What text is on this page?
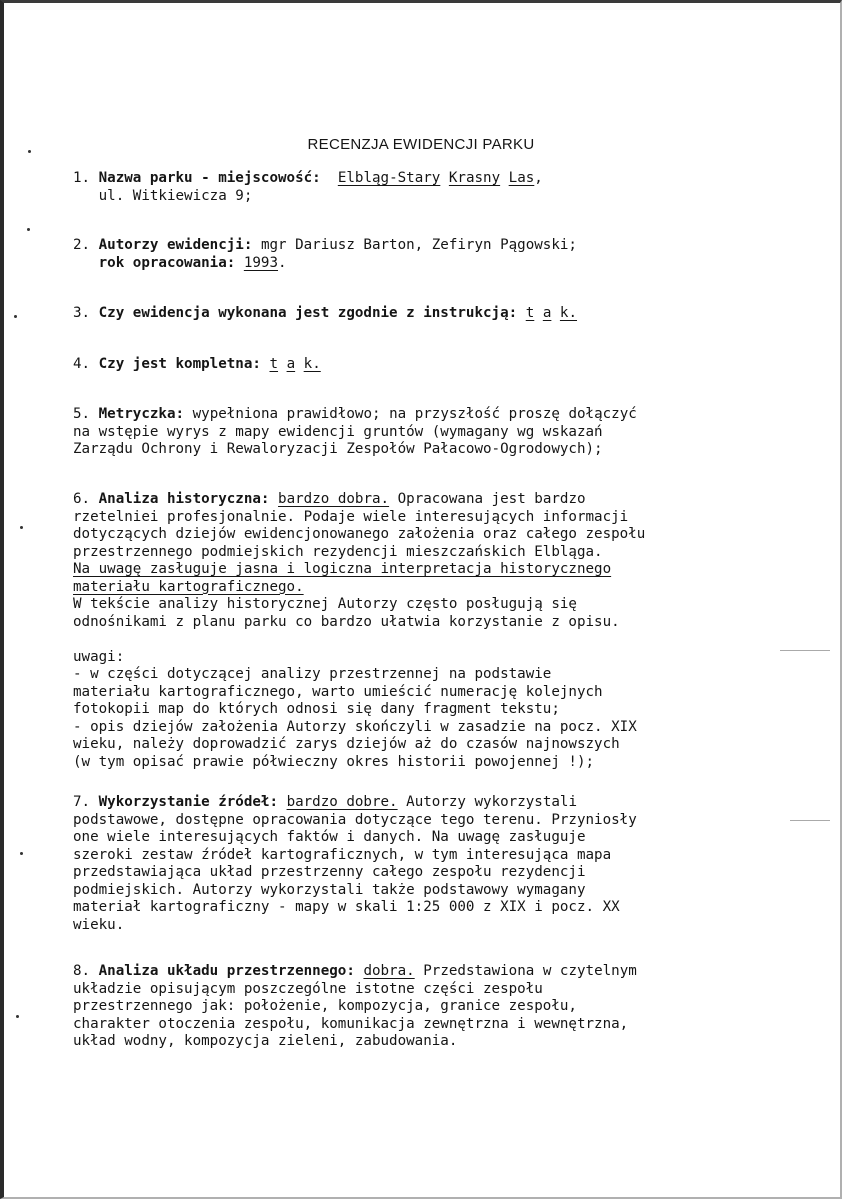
RECENZJA EWIDENCJI PARKU
1. Nazwa parku - miejscowość: Elbląg-Stary Krasny Las,
ul. Witkiewicza 9;
2. Autorzy ewidencji: mgr Dariusz Barton, Zefiryn Pągowski;
rok opracowania: 1993.
3. Czy ewidencja wykonana jest zgodnie z instrukcją: t a k.
4. Czy jest kompletna: t a k.
5. Metryczka: wypełniona prawidłowo; na przyszłość proszę dołączyć
na wstępie wyrys z mapy ewidencji gruntów (wymagany wg wskazań
Zarządu Ochrony i Rewaloryzacji Zespołów Pałacowo-Ogrodowych);
6. Analiza historyczna: bardzo dobra. Opracowana jest bardzo
rzetelniei profesjonalnie. Podaje wiele interesujących informacji
dotyczących dziejów ewidencjonowanego założenia oraz całego zespołu
przestrzennego podmiejskich rezydencji mieszczańskich Elbląga.
Na uwagę zasługuje jasna i logiczna interpretacja historycznego
materiału kartograficznego.
W tekście analizy historycznej Autorzy często posługują się
odnośnikami z planu parku co bardzo ułatwia korzystanie z opisu.

uwagi:
- w części dotyczącej analizy przestrzennej na podstawie
materiału kartograficznego, warto umieścić numerację kolejnych
fotokopii map do których odnosi się dany fragment tekstu;
- opis dziejów założenia Autorzy skończyli w zasadzie na pocz. XIX
wieku, należy doprowadzić zarys dziejów aż do czasów najnowszych
(w tym opisać prawie półwieczny okres historii powojennej !);
7. Wykorzystanie źródeł: bardzo dobre. Autorzy wykorzystali
podstawowe, dostępne opracowania dotyczące tego terenu. Przyniosły
one wiele interesujących faktów i danych. Na uwagę zasługuje
szeroki zestaw źródeł kartograficznych, w tym interesująca mapa
przedstawiająca układ przestrzenny całego zespołu rezydencji
podmiejskich. Autorzy wykorzystali także podstawowy wymagany
materiał kartograficzny - mapy w skali 1:25 000 z XIX i pocz. XX
wieku.
8. Analiza układu przestrzennego: dobra. Przedstawiona w czytelnym
układzie opisującym poszczególne istotne części zespołu
przestrzennego jak: położenie, kompozycja, granice zespołu,
charakter otoczenia zespołu, komunikacja zewnętrzna i wewnętrzna,
układ wodny, kompozycja zieleni, zabudowania.
